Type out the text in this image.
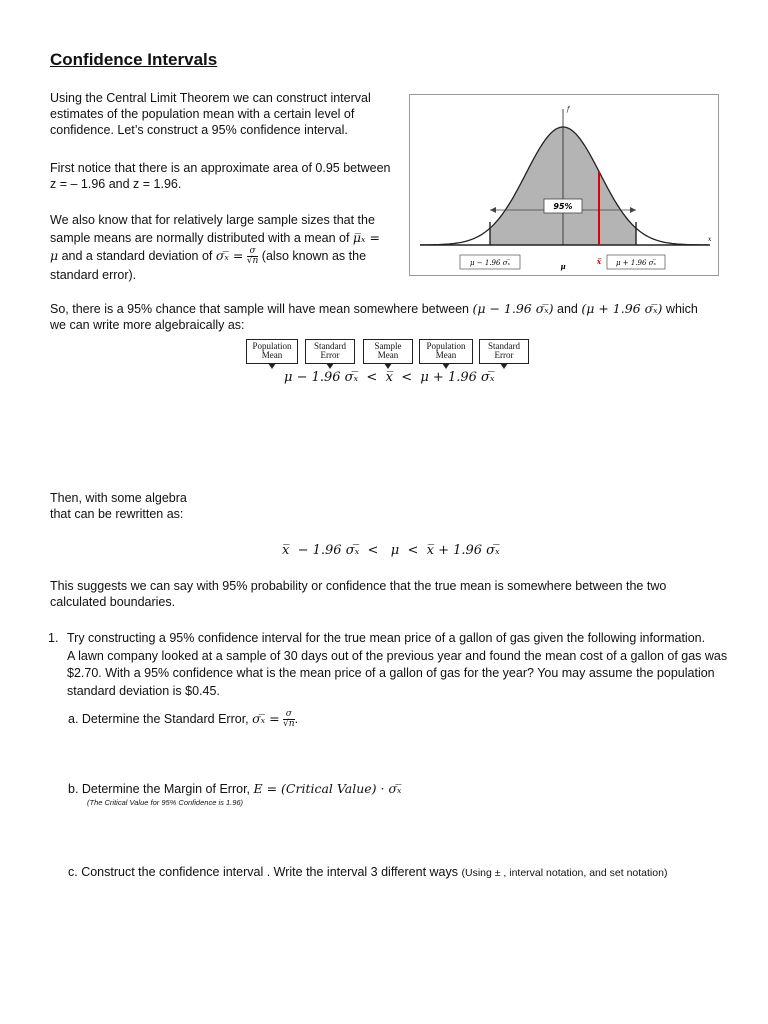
Confidence Intervals
Using the Central Limit Theorem we can construct interval
estimates of the population mean with a certain level of
confidence. Let’s construct a 95% confidence interval.
First notice that there is an approximate area of 0.95 between
z = – 1.96 and z = 1.96.
We also know that for relatively large sample sizes that the
sample means are normally distributed with a mean of μ̅ₓ =
μ and a standard deviation of σₓ̅ = $\frac{\sigma}{√n}$ (also known as the
standard error).
x
f
95%
μ − 1.96 σₓ̅	μ
x̅ μ + 1.96 σₓ̅
So, there is a 95% chance that sample will have mean somewhere between (μ − 1.96 σₓ̅) and (μ + 1.96 σₓ̅) which
we can write more algebraically as:
Population
Mean
Standard
Error
Sample
Mean
Population
Mean
Standard
Error
μ − 1.96 σₓ̅  <  x̅  <  μ + 1.96 σₓ̅
Then, with some algebra
that can be rewritten as:
x̅  − 1.96 σₓ̅  <   μ  <  x̅ + 1.96 σₓ̅
This suggests we can say with 95% probability or confidence that the true mean is somewhere between the two
calculated boundaries.
1. Try constructing a 95% confidence interval for the true mean price of a gallon of gas given the following information.
A lawn company looked at a sample of 30 days out of the previous year and found the mean cost of a gallon of gas was
$2.70. With a 95% confidence what is the mean price of a gallon of gas for the year? You may assume the population
standard deviation is $0.45.
a. Determine the Standard Error, σₓ̅ = $\frac{\sigma}{√n}$ .
b. Determine the Margin of Error, E = (Critical Value) · σₓ̅
(The Critical Value for 95% Confidence is 1.96)
c. Construct the confidence interval . Write the interval 3 different ways (Using ± , interval notation, and set notation)
